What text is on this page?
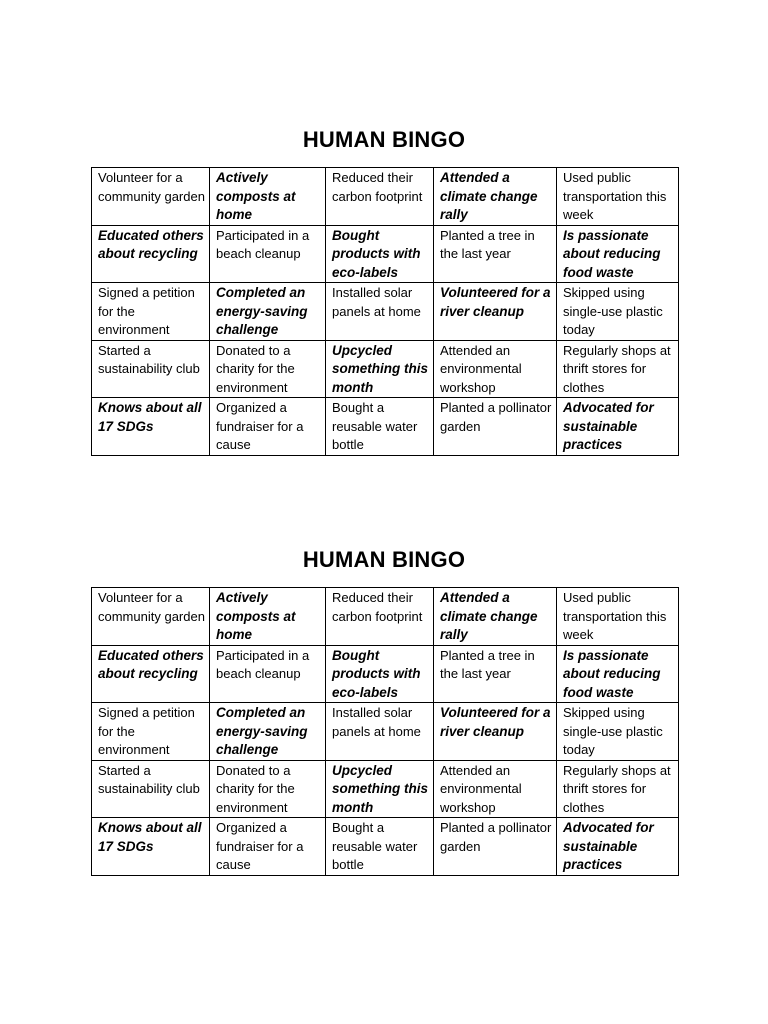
HUMAN BINGO
Volunteer for a community garden	Actively composts at home	Reduced their carbon footprint	Attended a climate change rally	Used public transportation this week
Educated others about recycling	Participated in a beach cleanup	Bought products with eco-labels	Planted a tree in the last year	Is passionate about reducing food waste
Signed a petition for the environment	Completed an energy-saving challenge	Installed solar panels at home	Volunteered for a river cleanup	Skipped using single-use plastic today
Started a sustainability club	Donated to a charity for the environment	Upcycled something this month	Attended an environmental workshop	Regularly shops at thrift stores for clothes
Knows about all 17 SDGs	Organized a fundraiser for a cause	Bought a reusable water bottle	Planted a pollinator garden	Advocated for sustainable practices
HUMAN BINGO
Volunteer for a community garden	Actively composts at home	Reduced their carbon footprint	Attended a climate change rally	Used public transportation this week
Educated others about recycling	Participated in a beach cleanup	Bought products with eco-labels	Planted a tree in the last year	Is passionate about reducing food waste
Signed a petition for the environment	Completed an energy-saving challenge	Installed solar panels at home	Volunteered for a river cleanup	Skipped using single-use plastic today
Started a sustainability club	Donated to a charity for the environment	Upcycled something this month	Attended an environmental workshop	Regularly shops at thrift stores for clothes
Knows about all 17 SDGs	Organized a fundraiser for a cause	Bought a reusable water bottle	Planted a pollinator garden	Advocated for sustainable practices
